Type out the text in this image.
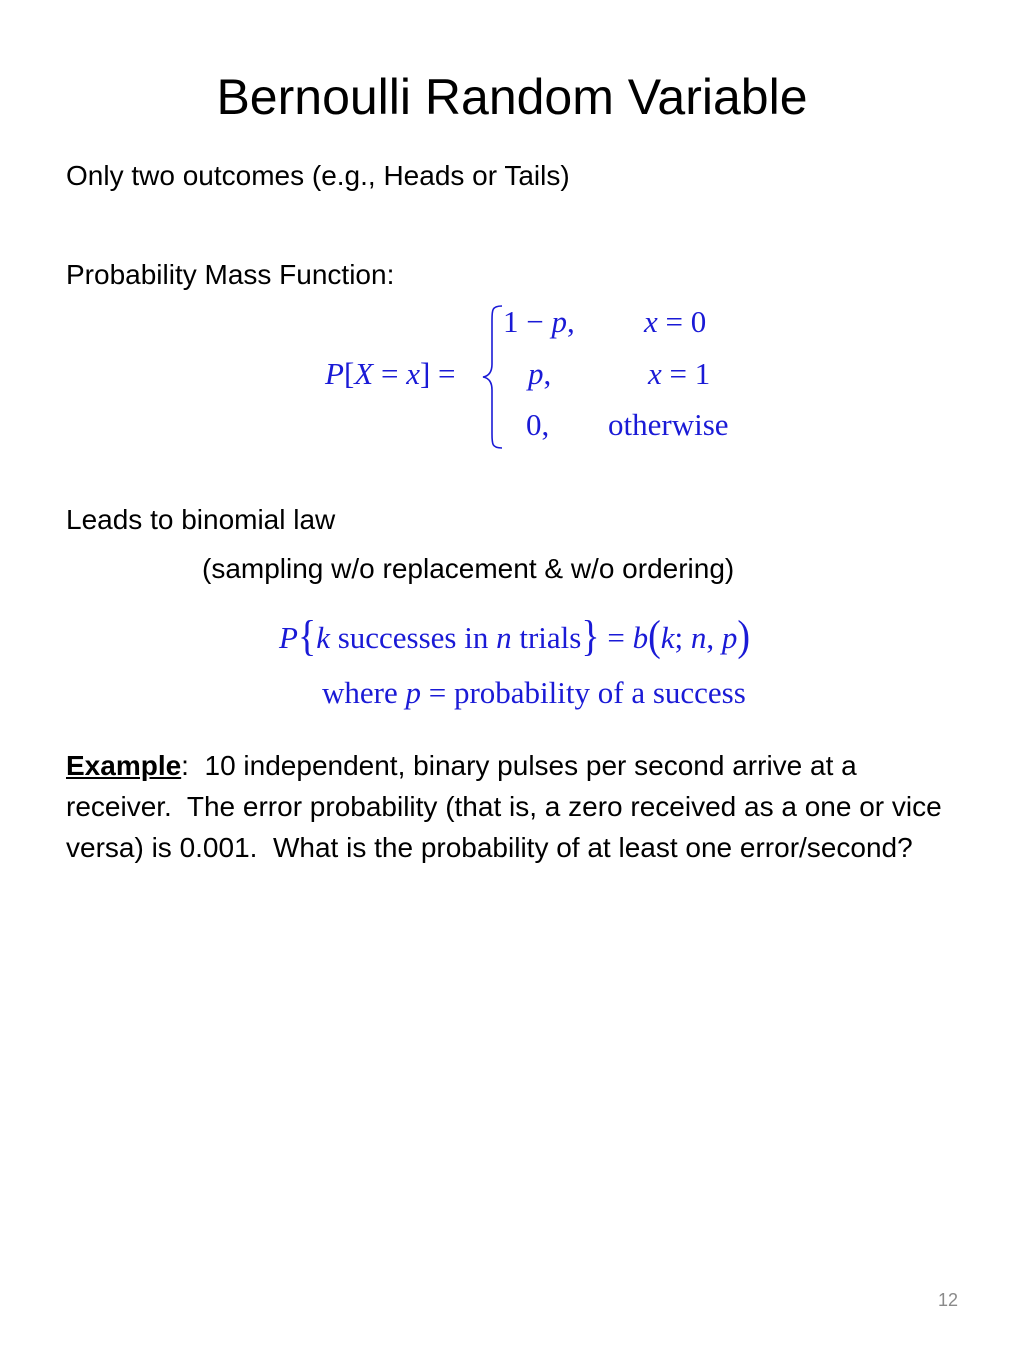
Bernoulli Random Variable

Only two outcomes (e.g., Heads or Tails)

Probability Mass Function:

P[X = x] =
1 − p, x = 0
p,	x = 1
0, otherwise

Leads to binomial law

(sampling w/o replacement & w/o ordering)

P{k successes in n trials} = b(k; n, p)
where p = probability of a success

Example:  10 independent, binary pulses per second arrive at a receiver.  The error probability (that is, a zero received as a one or vice versa) is 0.001.  What is the probability of at least one error/second?

12
